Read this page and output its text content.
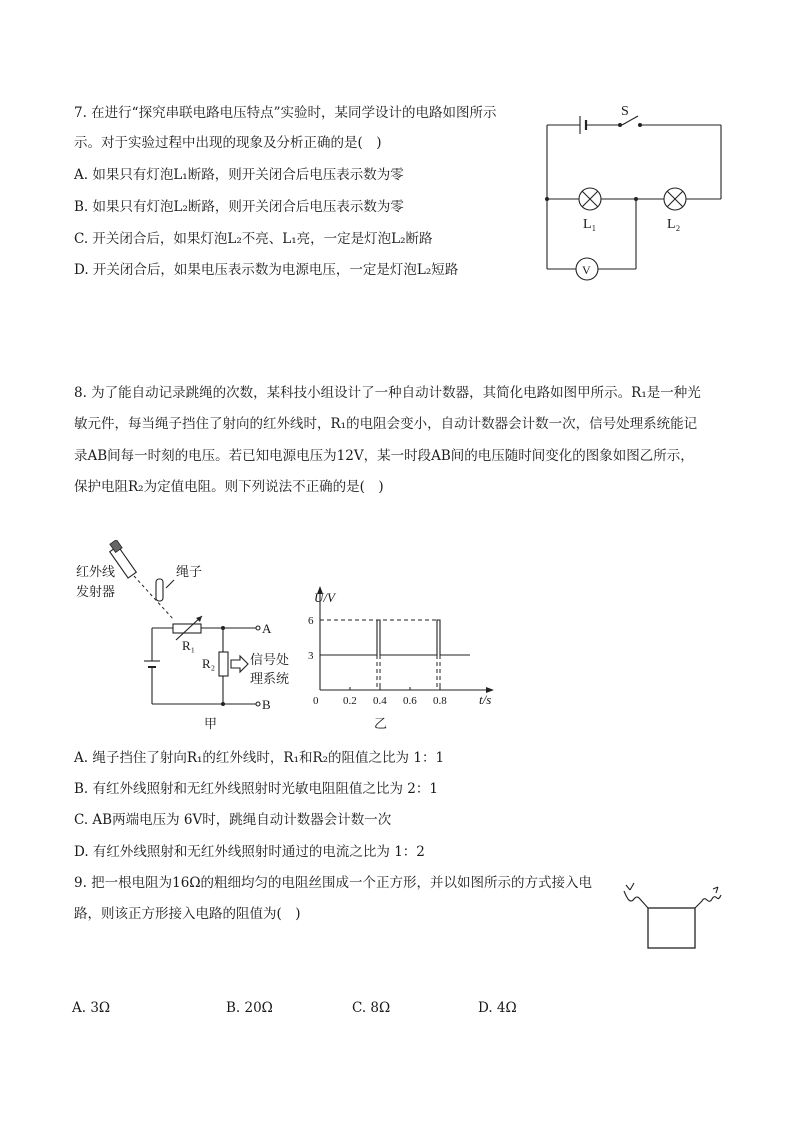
7. 在进行“探究串联电路电压特点”实验时，某同学设计的电路如图所示
示。对于实验过程中出现的现象及分析正确的是(　)
A. 如果只有灯泡L₁断路，则开关闭合后电压表示数为零
B. 如果只有灯泡L₂断路，则开关闭合后电压表示数为零
C. 开关闭合后，如果灯泡L₂不亮、L₁亮，一定是灯泡L₂断路
D. 开关闭合后，如果电压表示数为电源电压，一定是灯泡L₂短路
S
L₁	L₂
V
8. 为了能自动记录跳绳的次数，某科技小组设计了一种自动计数器，其简化电路如图甲所示。R₁是一种光
敏元件，每当绳子挡住了射向的红外线时，R₁的电阻会变小，自动计数器会计数一次，信号处理系统能记
录AB间每一时刻的电压。若已知电源电压为12V，某一时段AB间的电压随时间变化的图象如图乙所示，
保护电阻R₂为定值电阻。则下列说法不正确的是(　)
红外线
发射器
绳子
A
R₁
B
R₂	信号处
理系统
甲
0 0.2 0.4 0.6 0.8
3
6
U/V
t/s
乙
A. 绳子挡住了射向R₁的红外线时，R₁和R₂的阻值之比为 1：1
B. 有红外线照射和无红外线照射时光敏电阻阻值之比为 2：1
C. AB两端电压为 6V时，跳绳自动计数器会计数一次
D. 有红外线照射和无红外线照射时通过的电流之比为 1：2
9. 把一根电阻为16Ω的粗细均匀的电阻丝围成一个正方形，并以如图所示的方式接入电
路，则该正方形接入电路的阻值为(　)
A. 3Ω	B. 20Ω	C. 8Ω	D. 4Ω
